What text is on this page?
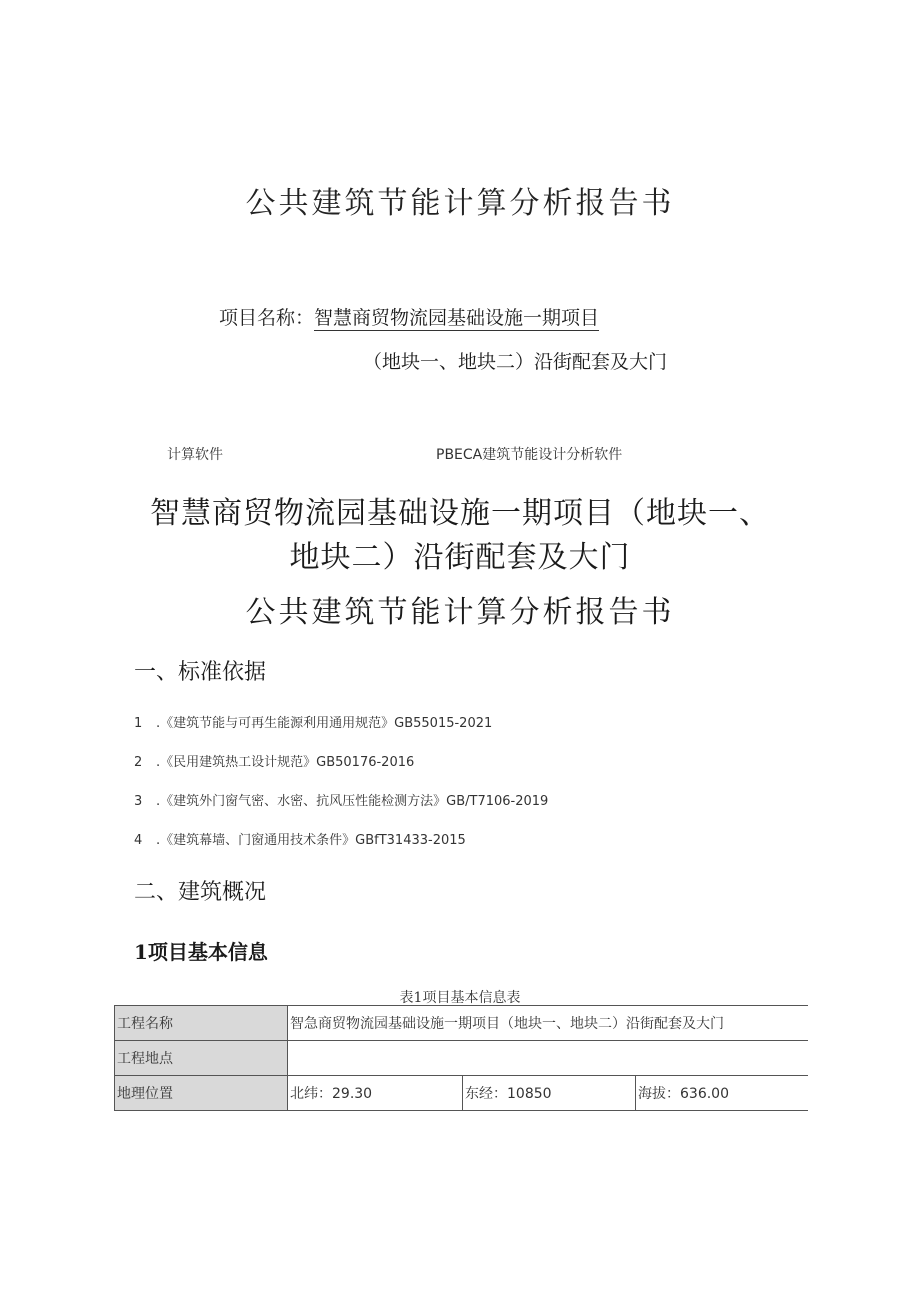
公共建筑节能计算分析报告书
项目名称：智慧商贸物流园基础设施一期项目
（地块一、地块二）沿街配套及大门
计算软件	PBECA建筑节能设计分析软件
智慧商贸物流园基础设施一期项目（地块一、
地块二）沿街配套及大门
公共建筑节能计算分析报告书
一、标准依据
1 .《建筑节能与可再生能源利用通用规范》GB55015-2021
2 .《民用建筑热工设计规范》GB50176-2016
3 .《建筑外门窗气密、水密、抗风压性能检测方法》GB/T7106-2019
4 .《建筑幕墙、门窗通用技术条件》GBfT31433-2015
二、建筑概况
1项目基本信息
表1项目基本信息表
工程名称	智急商贸物流园基础设施一期项目（地块一、地块二）沿街配套及大门		
工程地点			
地理位置	北纬：29.30	东经：10850	海拔：636.00
